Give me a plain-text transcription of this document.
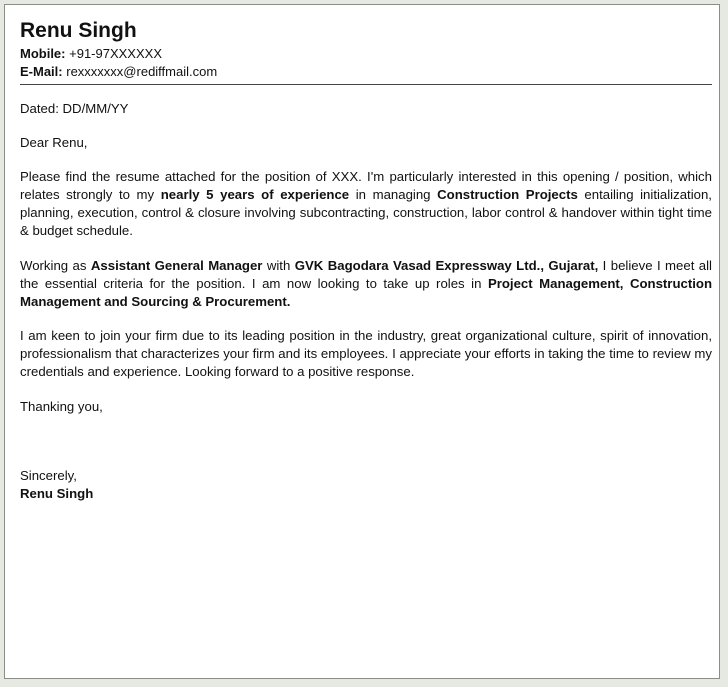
Renu Singh
Mobile: +91-97XXXXXX
E-Mail: rexxxxxxx@rediffmail.com

Dated: DD/MM/YY

Dear Renu,

Please find the resume attached for the position of XXX. I'm particularly interested in this opening / position, which relates strongly to my nearly 5 years of experience in managing Construction Projects entailing initialization, planning, execution, control & closure involving subcontracting, construction, labor control & handover within tight time & budget schedule.

Working as Assistant General Manager with GVK Bagodara Vasad Expressway Ltd., Gujarat, I believe I meet all the essential criteria for the position. I am now looking to take up roles in Project Management, Construction Management and Sourcing & Procurement.

I am keen to join your firm due to its leading position in the industry, great organizational culture, spirit of innovation, professionalism that characterizes your firm and its employees. I appreciate your efforts in taking the time to review my credentials and experience. Looking forward to a positive response.

Thanking you,

Sincerely,

Renu Singh
